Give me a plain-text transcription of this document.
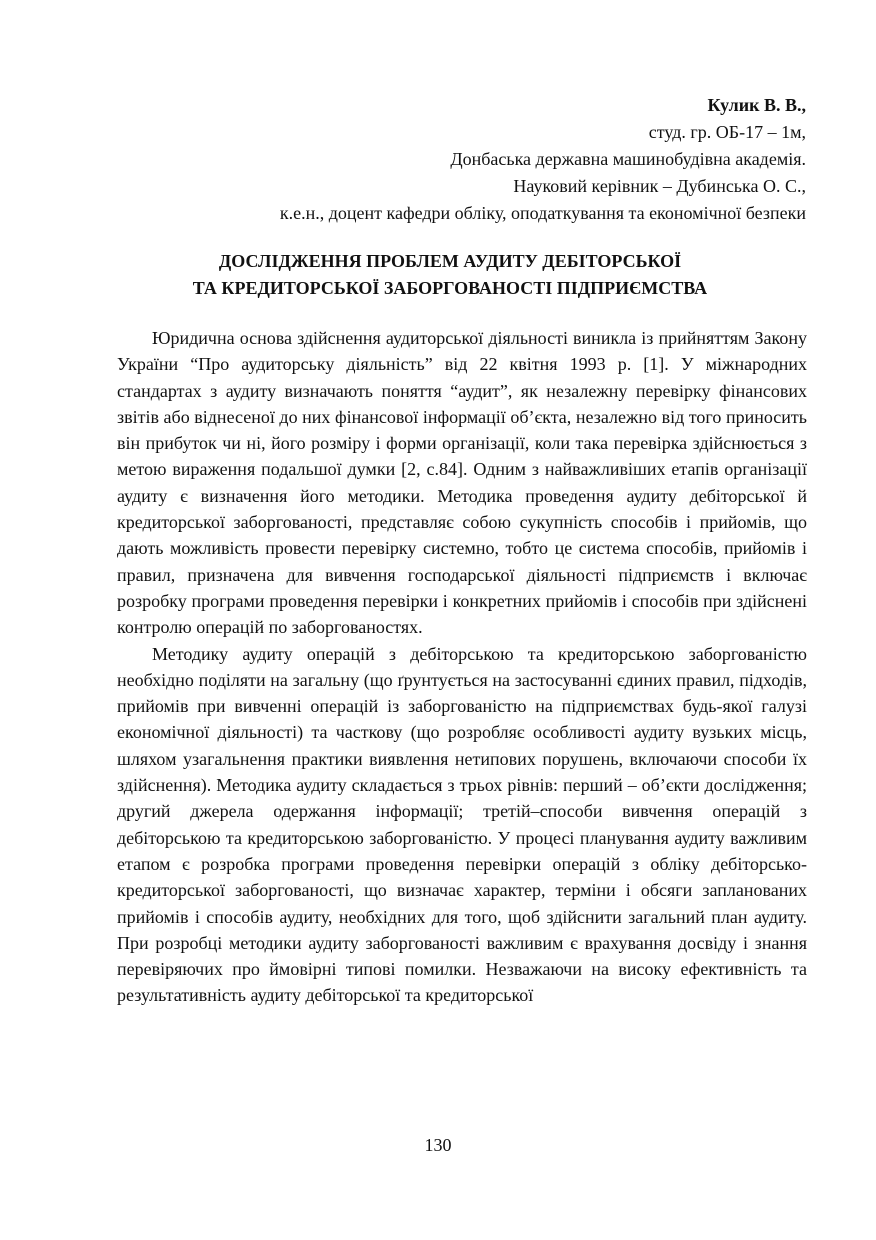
Кулик В. В.,
студ. гр. ОБ-17 – 1м,
Донбаська державна машинобудівна академія.
Науковий керівник – Дубинська О. С.,
к.е.н., доцент кафедри обліку, оподаткування та економічної безпеки
ДОСЛІДЖЕННЯ ПРОБЛЕМ АУДИТУ ДЕБІТОРСЬКОЇ
ТА КРЕДИТОРСЬКОЇ ЗАБОРГОВАНОСТІ ПІДПРИЄМСТВА

Юридична основа здійснення аудиторської діяльності виникла із прийняттям Закону України “Про аудиторську діяльність” від 22 квітня 1993 р. [1]. У міжнародних стандартах з аудиту визначають поняття “аудит”, як незалежну перевірку фінансових звітів або віднесеної до них фінансової інформації об’єкта, незалежно від того приносить він прибуток чи ні, його розміру і форми організації, коли така перевірка здійснюється з метою вираження подальшої думки [2, с.84]. Одним з найважливіших етапів організації аудиту є визначення його методики. Методика проведення аудиту дебіторської й кредиторської заборгованості, представляє собою сукупність способів і прийомів, що дають можливість провести перевірку системно, тобто це система способів, прийомів і правил, призначена для вивчення господарської діяльності підприємств і включає розробку програми проведення перевірки і конкретних прийомів і способів при здійснені контролю операцій по заборгованостях.

Методику аудиту операцій з дебіторською та кредиторською заборгованістю необхідно поділяти на загальну (що ґрунтується на застосуванні єдиних правил, підходів, прийомів при вивченні операцій із заборгованістю на підприємствах будь-якої галузі економічної діяльності) та часткову (що розробляє особливості аудиту вузьких місць, шляхом узагальнення практики виявлення нетипових порушень, включаючи способи їх здійснення). Методика аудиту складається з трьох рівнів: перший – об’єкти дослідження; другий джерела одержання інформації; третій–способи вивчення операцій з дебіторською та кредиторською заборгованістю. У процесі планування аудиту важливим етапом є розробка програми проведення перевірки операцій з обліку дебіторсько-кредиторської заборгованості, що визначає характер, терміни і обсяги запланованих прийомів і способів аудиту, необхідних для того, щоб здійснити загальний план аудиту. При розробці методики аудиту заборгованості важливим є врахування досвіду і знання перевіряючих про ймовірні типові помилки. Незважаючи на високу ефективність та результативність аудиту дебіторської та кредиторської

130
